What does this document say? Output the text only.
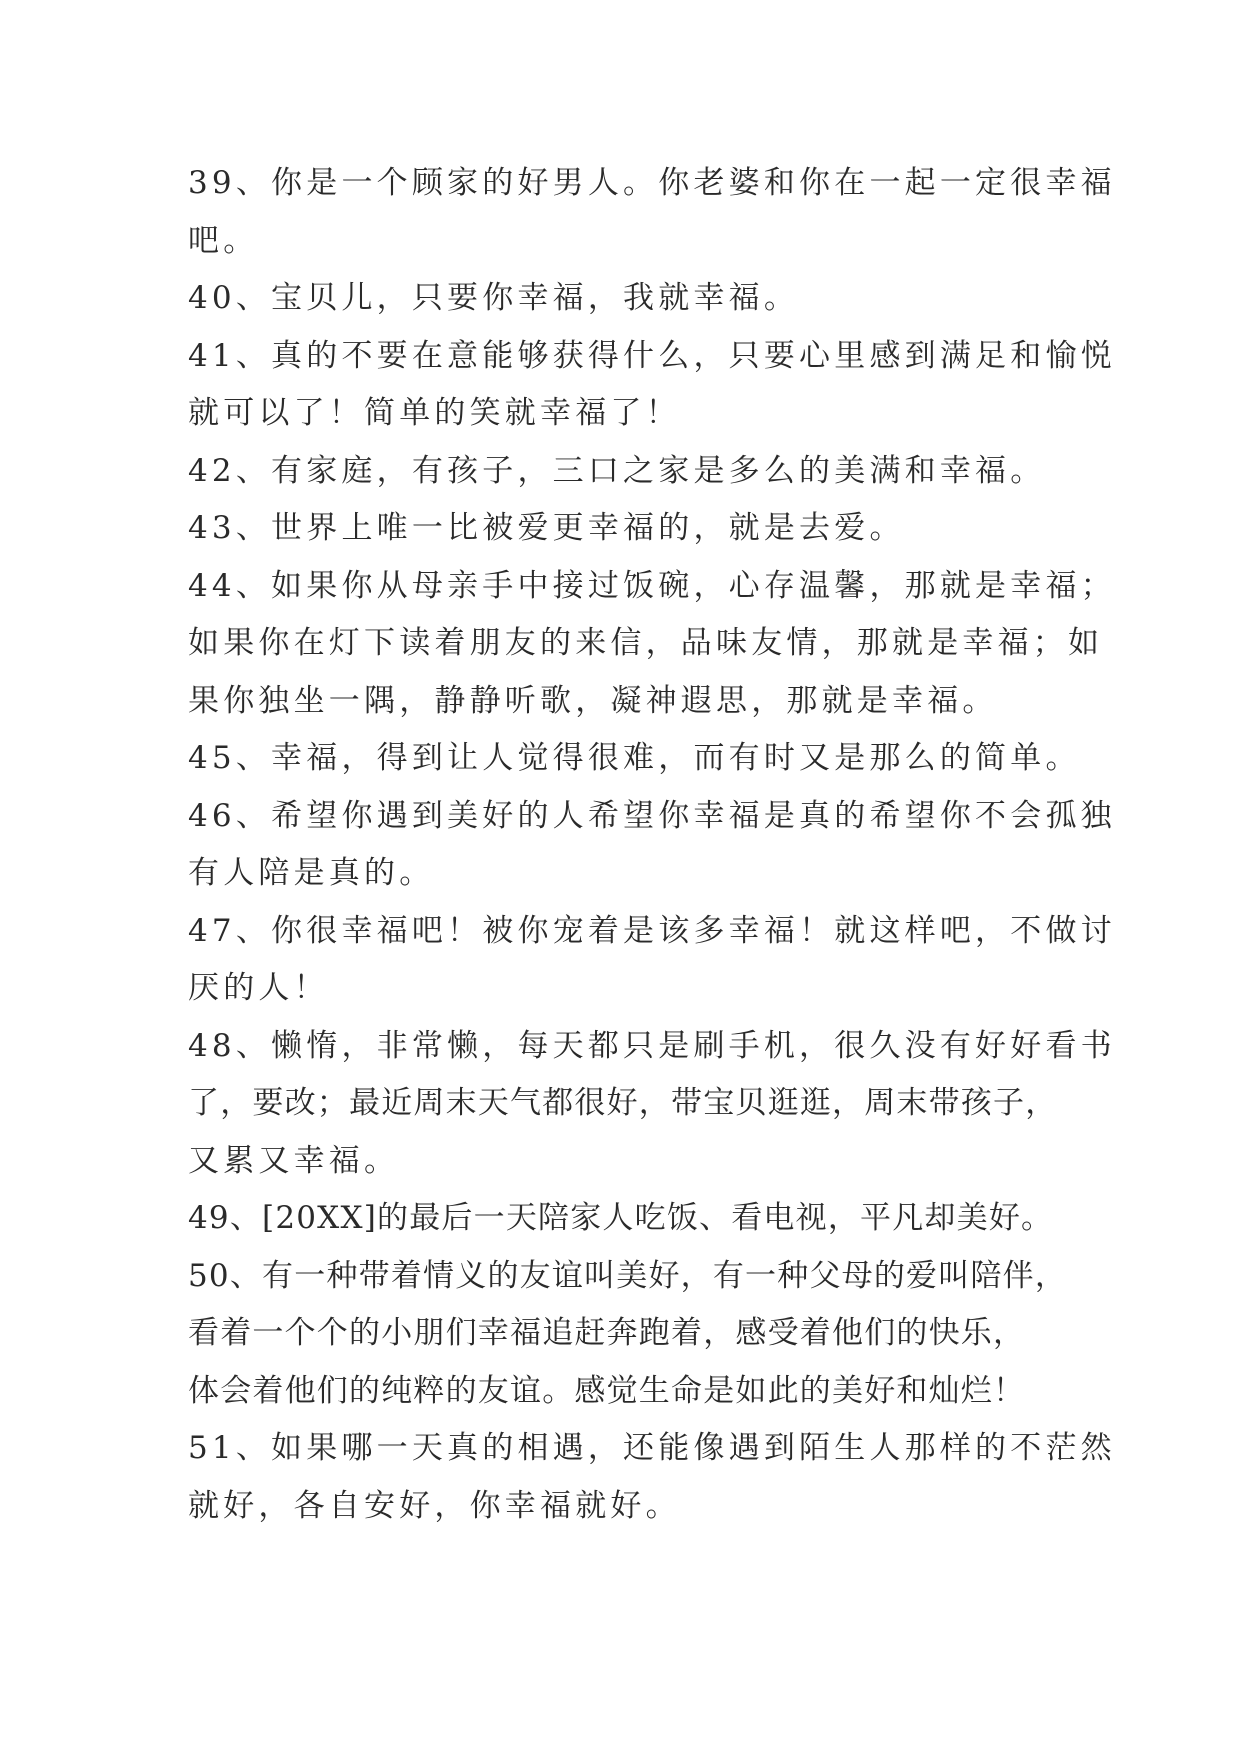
39、你是一个顾家的好男人。你老婆和你在一起一定很幸福
吧。
40、宝贝儿，只要你幸福，我就幸福。
41、真的不要在意能够获得什么，只要心里感到满足和愉悦
就可以了！简单的笑就幸福了！
42、有家庭，有孩子，三口之家是多么的美满和幸福。
43、世界上唯一比被爱更幸福的，就是去爱。
44、如果你从母亲手中接过饭碗，心存温馨，那就是幸福；
如果你在灯下读着朋友的来信，品味友情，那就是幸福；如
果你独坐一隅，静静听歌，凝神遐思，那就是幸福。
45、幸福，得到让人觉得很难，而有时又是那么的简单。
46、希望你遇到美好的人希望你幸福是真的希望你不会孤独
有人陪是真的。
47、你很幸福吧！被你宠着是该多幸福！就这样吧，不做讨
厌的人！
48、懒惰，非常懒，每天都只是刷手机，很久没有好好看书
了，要改；最近周末天气都很好，带宝贝逛逛，周末带孩子，
又累又幸福。
49、[20XX]的最后一天陪家人吃饭、看电视，平凡却美好。
50、有一种带着情义的友谊叫美好，有一种父母的爱叫陪伴，
看着一个个的小朋们幸福追赶奔跑着，感受着他们的快乐，
体会着他们的纯粹的友谊。感觉生命是如此的美好和灿烂！
51、如果哪一天真的相遇，还能像遇到陌生人那样的不茫然
就好，各自安好，你幸福就好。
